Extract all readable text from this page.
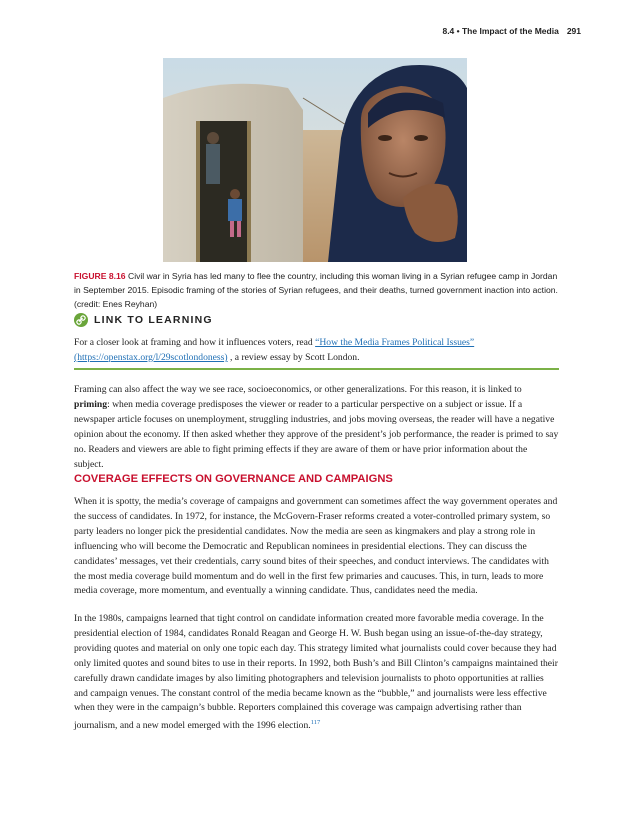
8.4 • The Impact of the Media 291
FIGURE 8.16 Civil war in Syria has led many to flee the country, including this woman living in a Syrian refugee camp in Jordan in September 2015. Episodic framing of the stories of Syrian refugees, and their deaths, turned government inaction into action. (credit: Enes Reyhan)
LINK TO LEARNING
For a closer look at framing and how it influences voters, read “How the Media Frames Political Issues” (https://openstax.org/l/29scotlondoness) , a review essay by Scott London.

Framing can also affect the way we see race, socioeconomics, or other generalizations. For this reason, it is linked to priming: when media coverage predisposes the viewer or reader to a particular perspective on a subject or issue. If a newspaper article focuses on unemployment, struggling industries, and jobs moving overseas, the reader will have a negative opinion about the economy. If then asked whether they approve of the president’s job performance, the reader is primed to say no. Readers and viewers are able to fight priming effects if they are aware of them or have prior information about the subject.

COVERAGE EFFECTS ON GOVERNANCE AND CAMPAIGNS

When it is spotty, the media’s coverage of campaigns and government can sometimes affect the way government operates and the success of candidates. In 1972, for instance, the McGovern-Fraser reforms created a voter-controlled primary system, so party leaders no longer pick the presidential candidates. Now the media are seen as kingmakers and play a strong role in influencing who will become the Democratic and Republican nominees in presidential elections. They can discuss the candidates’ messages, vet their credentials, carry sound bites of their speeches, and conduct interviews. The candidates with the most media coverage build momentum and do well in the first few primaries and caucuses. This, in turn, leads to more media coverage, more momentum, and eventually a winning candidate. Thus, candidates need the media.

In the 1980s, campaigns learned that tight control on candidate information created more favorable media coverage. In the presidential election of 1984, candidates Ronald Reagan and George H. W. Bush began using an issue-of-the-day strategy, providing quotes and material on only one topic each day. This strategy limited what journalists could cover because they had only limited quotes and sound bites to use in their reports. In 1992, both Bush’s and Bill Clinton’s campaigns maintained their carefully drawn candidate images by also limiting photographers and television journalists to photo opportunities at rallies and campaign venues. The constant control of the media became known as the “bubble,” and journalists were less effective when they were in the campaign’s bubble. Reporters complained this coverage was campaign advertising rather than journalism, and a new model emerged with the 1996 election.$^{117}$
